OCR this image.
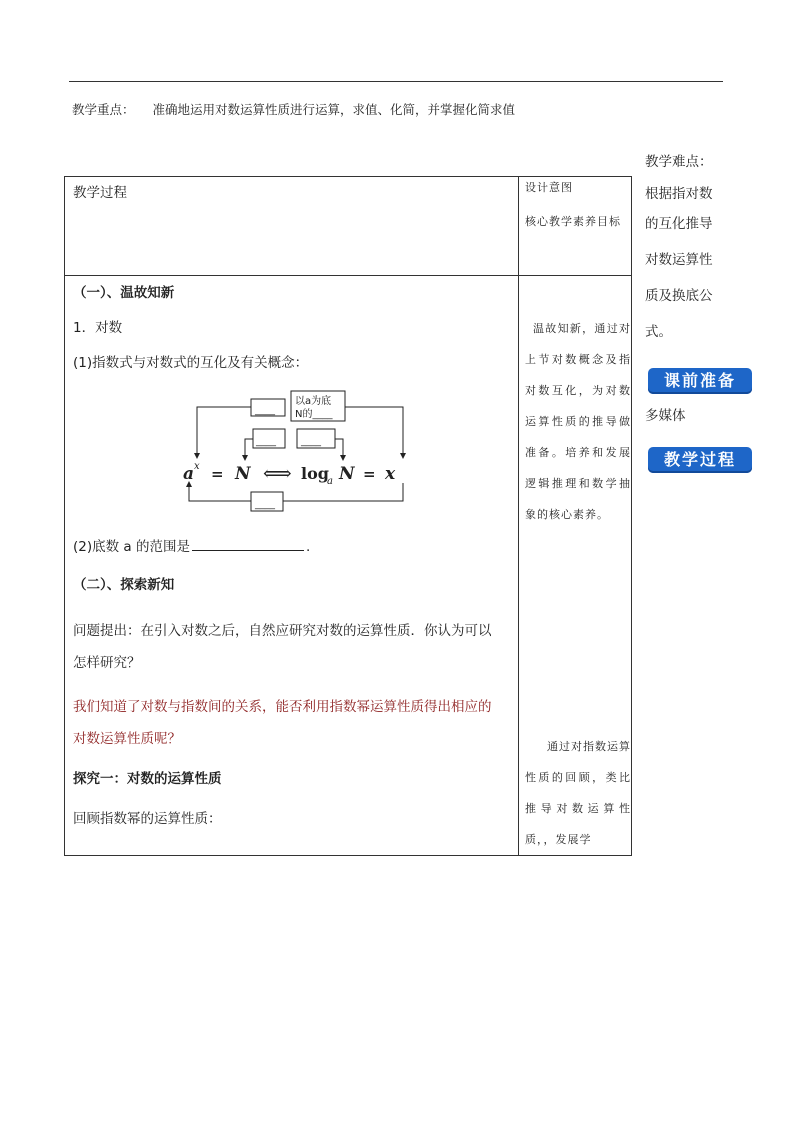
教学重点： 准确地运用对数运算性质进行运算，求值、化简，并掌握化简求值
教学难点：
根据指对数
的互化推导
对数运算性
质及换底公
式。
课前准备
多媒体
教学过程
教学过程	设计意图
核心教学素养目标
（一）、温故知新
1．对数
(1)指数式与对数式的互化及有关概念：
____
以a为底
N的____
____	____
____
a x = N ⟺ log
a N = x
(2)底数 a 的范围是	.
（二）、探索新知
问题提出：在引入对数之后，自然应研究对数的运算性质．你认为可以
怎样研究？
我们知道了对数与指数间的关系，能否利用指数幂运算性质得出相应的
对数运算性质呢？
探究一：对数的运算性质
回顾指数幂的运算性质：
温故知新，通过对上节对数概念及指对数互化，为对数运算性质的推导做准备。培养和发展逻辑推理和数学抽象的核心素养。
通过对指数运算性质的回顾，类比推导对数运算性质，，发展学
